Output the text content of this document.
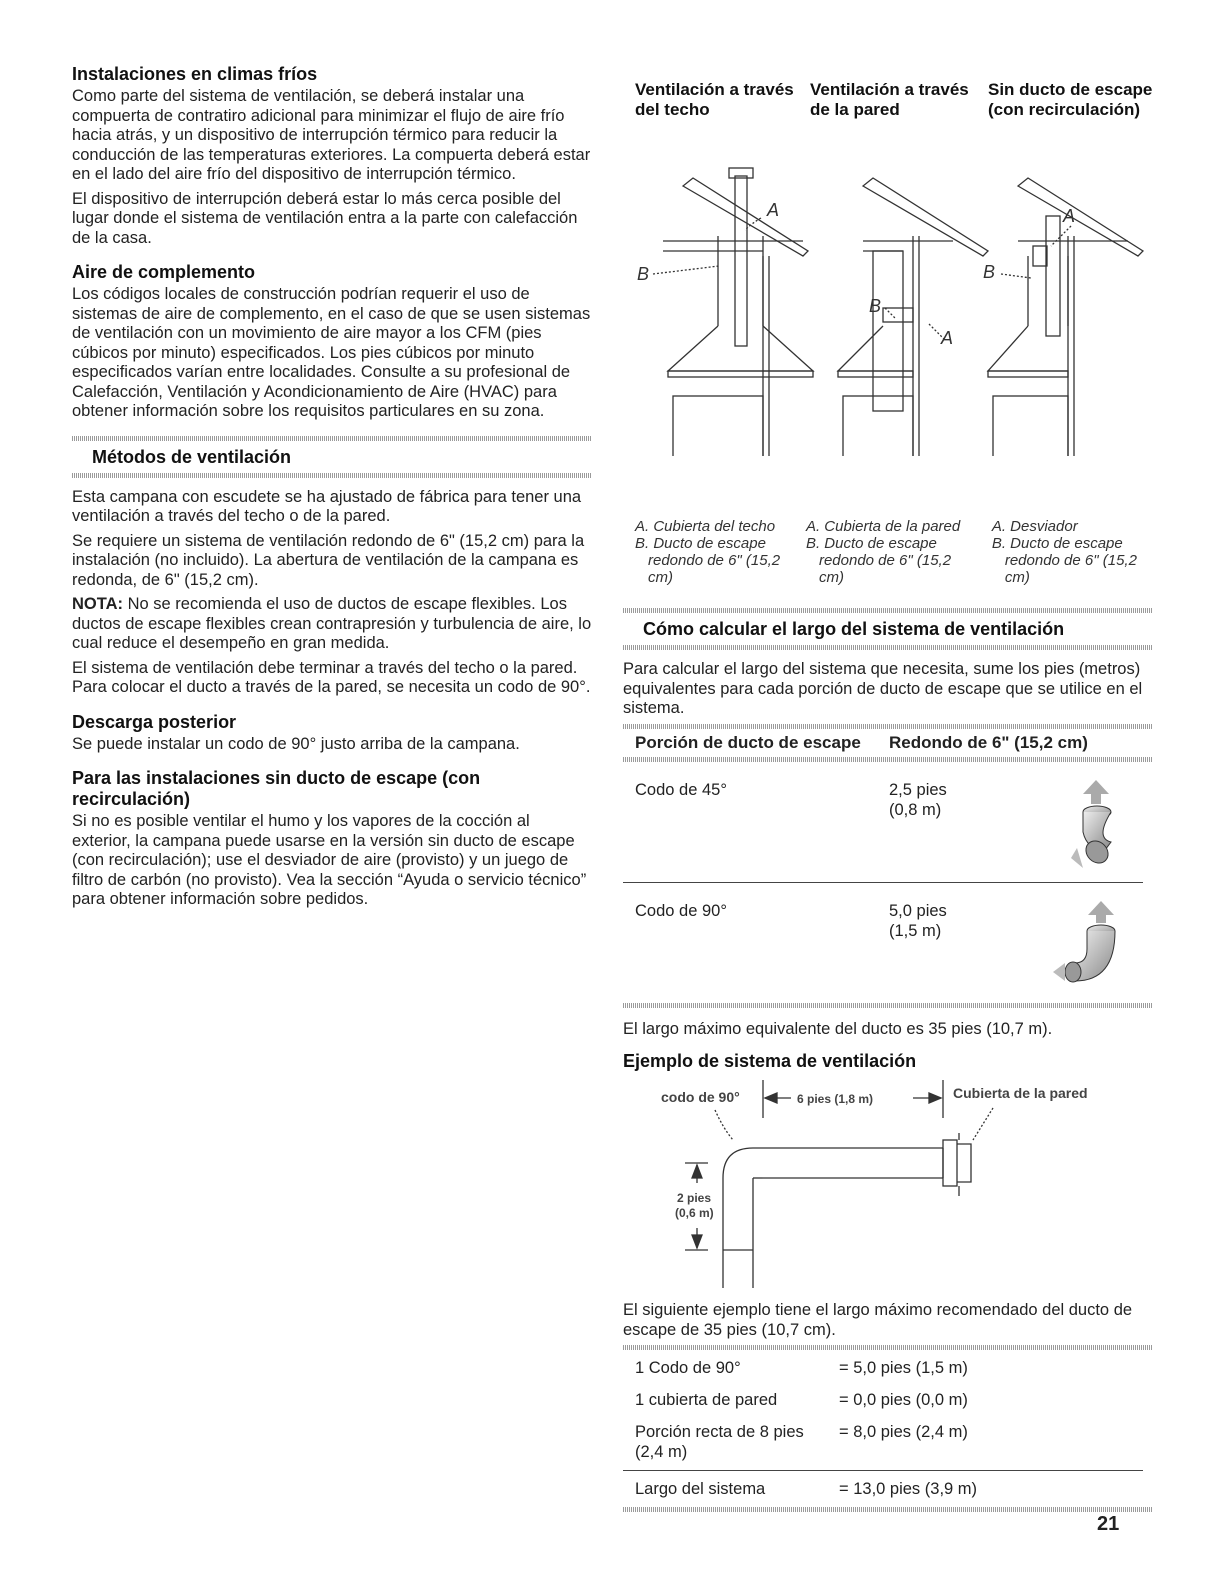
Instalaciones en climas fríos

Como parte del sistema de ventilación, se deberá instalar una compuerta de contratiro adicional para minimizar el flujo de aire frío hacia atrás, y un dispositivo de interrupción térmico para reducir la conducción de las temperaturas exteriores. La compuerta deberá estar en el lado del aire frío del dispositivo de interrupción térmico.

El dispositivo de interrupción deberá estar lo más cerca posible del lugar donde el sistema de ventilación entra a la parte con calefacción de la casa.

Aire de complemento

Los códigos locales de construcción podrían requerir el uso de sistemas de aire de complemento, en el caso de que se usen sistemas de ventilación con un movimiento de aire mayor a los CFM (pies cúbicos por minuto) especificados. Los pies cúbicos por minuto especificados varían entre localidades. Consulte a su profesional de Calefacción, Ventilación y Acondicionamiento de Aire (HVAC) para obtener información sobre los requisitos particulares en su zona.

Métodos de ventilación

Esta campana con escudete se ha ajustado de fábrica para tener una ventilación a través del techo o de la pared.

Se requiere un sistema de ventilación redondo de 6" (15,2 cm) para la instalación (no incluido). La abertura de ventilación de la campana es redonda, de 6" (15,2 cm).

NOTA: No se recomienda el uso de ductos de escape flexibles. Los ductos de escape flexibles crean contrapresión y turbulencia de aire, lo cual reduce el desempeño en gran medida.

El sistema de ventilación debe terminar a través del techo o la pared. Para colocar el ducto a través de la pared, se necesita un codo de 90°.

Descarga posterior

Se puede instalar un codo de 90° justo arriba de la campana.

Para las instalaciones sin ducto de escape (con recirculación)

Si no es posible ventilar el humo y los vapores de la cocción al exterior, la campana puede usarse en la versión sin ducto de escape (con recirculación); use el desviador de aire (provisto) y un juego de filtro de carbón (no provisto). Vea la sección “Ayuda o servicio técnico” para obtener información sobre pedidos.

Ventilación a través del techo
Ventilación a través de la pared
Sin ducto de escape (con recirculación)
A
B
B
A
B
A
A. Cubierta del techo
B. Ducto de escape redondo de 6" (15,2 cm)
A. Cubierta de la pared
B. Ducto de escape redondo de 6" (15,2 cm)
A. Desviador
B. Ducto de escape redondo de 6" (15,2 cm)
Cómo calcular el largo del sistema de ventilación

Para calcular el largo del sistema que necesita, sume los pies (metros) equivalentes para cada porción de ducto de escape que se utilice en el sistema.

Porción de ducto de escape	Redondo de 6" (15,2 cm)
Codo de 45°	2,5 pies
(0,8 m)

Codo de 90°	5,0 pies
(1,5 m)

El largo máximo equivalente del ducto es 35 pies (10,7 m).

Ejemplo de sistema de ventilación
codo de 90°	6 pies (1,8 m)	Cubierta de la pared
2 pies
(0,6 m)

El siguiente ejemplo tiene el largo máximo recomendado del ducto de escape de 35 pies (10,7 cm).

1 Codo de 90°	= 5,0 pies (1,5 m)
1 cubierta de pared	= 0,0 pies (0,0 m)
Porción recta de 8 pies (2,4 m)	= 8,0 pies (2,4 m)
Largo del sistema	= 13,0 pies (3,9 m)
21
